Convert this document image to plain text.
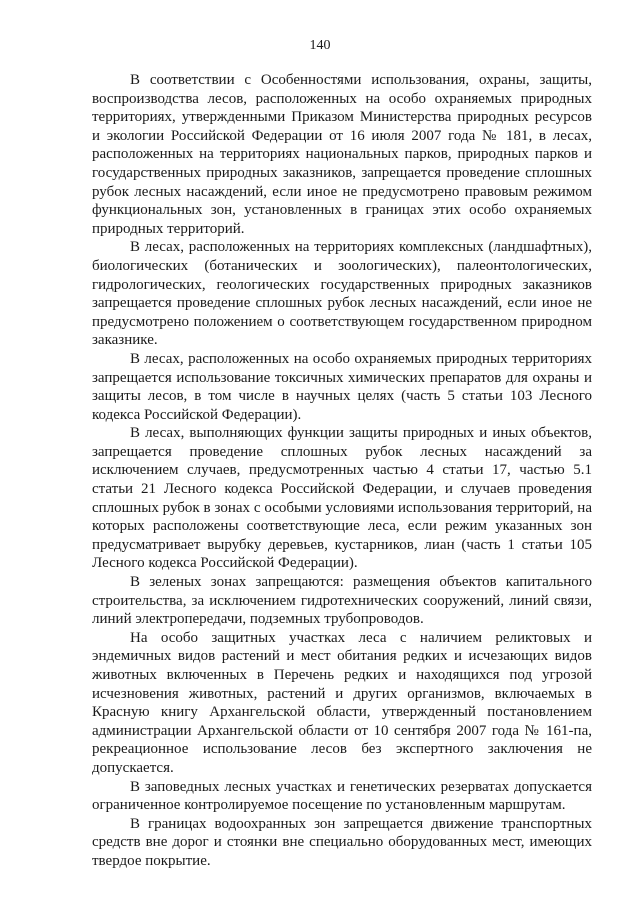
140

В соответствии с Особенностями использования, охраны, защиты, воспроизводства лесов, расположенных на особо охраняемых природных территориях, утвержденными Приказом Министерства природных ресурсов и экологии Российской Федерации от 16 июля 2007 года № 181, в лесах, расположенных на территориях национальных парков, природных парков и государственных природных заказников, запрещается проведение сплошных рубок лесных насаждений, если иное не предусмотрено правовым режимом функциональных зон, установленных в границах этих особо охраняемых природных территорий.

В лесах, расположенных на территориях комплексных (ландшафтных), биологических (ботанических и зоологических), палеонтологических, гидрологических, геологических государственных природных заказников запрещается проведение сплошных рубок лесных насаждений, если иное не предусмотрено положением о соответствующем государственном природном заказнике.

В лесах, расположенных на особо охраняемых природных территориях запрещается использование токсичных химических препаратов для охраны и защиты лесов, в том числе в научных целях (часть 5 статьи 103 Лесного кодекса Российской Федерации).

В лесах, выполняющих функции защиты природных и иных объектов, запрещается проведение сплошных рубок лесных насаждений за исключением случаев, предусмотренных частью 4 статьи 17, частью 5.1 статьи 21 Лесного кодекса Российской Федерации, и случаев проведения сплошных рубок в зонах с особыми условиями использования территорий, на которых расположены соответствующие леса, если режим указанных зон предусматривает вырубку деревьев, кустарников, лиан (часть 1 статьи 105 Лесного кодекса Российской Федерации).

В зеленых зонах запрещаются: размещения объектов капитального строительства, за исключением гидротехнических сооружений, линий связи, линий электропередачи, подземных трубопроводов.

На особо защитных участках леса с наличием реликтовых и эндемичных видов растений и мест обитания редких и исчезающих видов животных включенных в Перечень редких и находящихся под угрозой исчезновения животных, растений и других организмов, включаемых в Красную книгу Архангельской области, утвержденный постановлением администрации Архангельской области от 10 сентября 2007 года № 161-па, рекреационное использование лесов без экспертного заключения не допускается.

В заповедных лесных участках и генетических резерватах допускается ограниченное контролируемое посещение по установленным маршрутам.

В границах водоохранных зон запрещается движение транспортных средств вне дорог и стоянки вне специально оборудованных мест, имеющих твердое покрытие.
